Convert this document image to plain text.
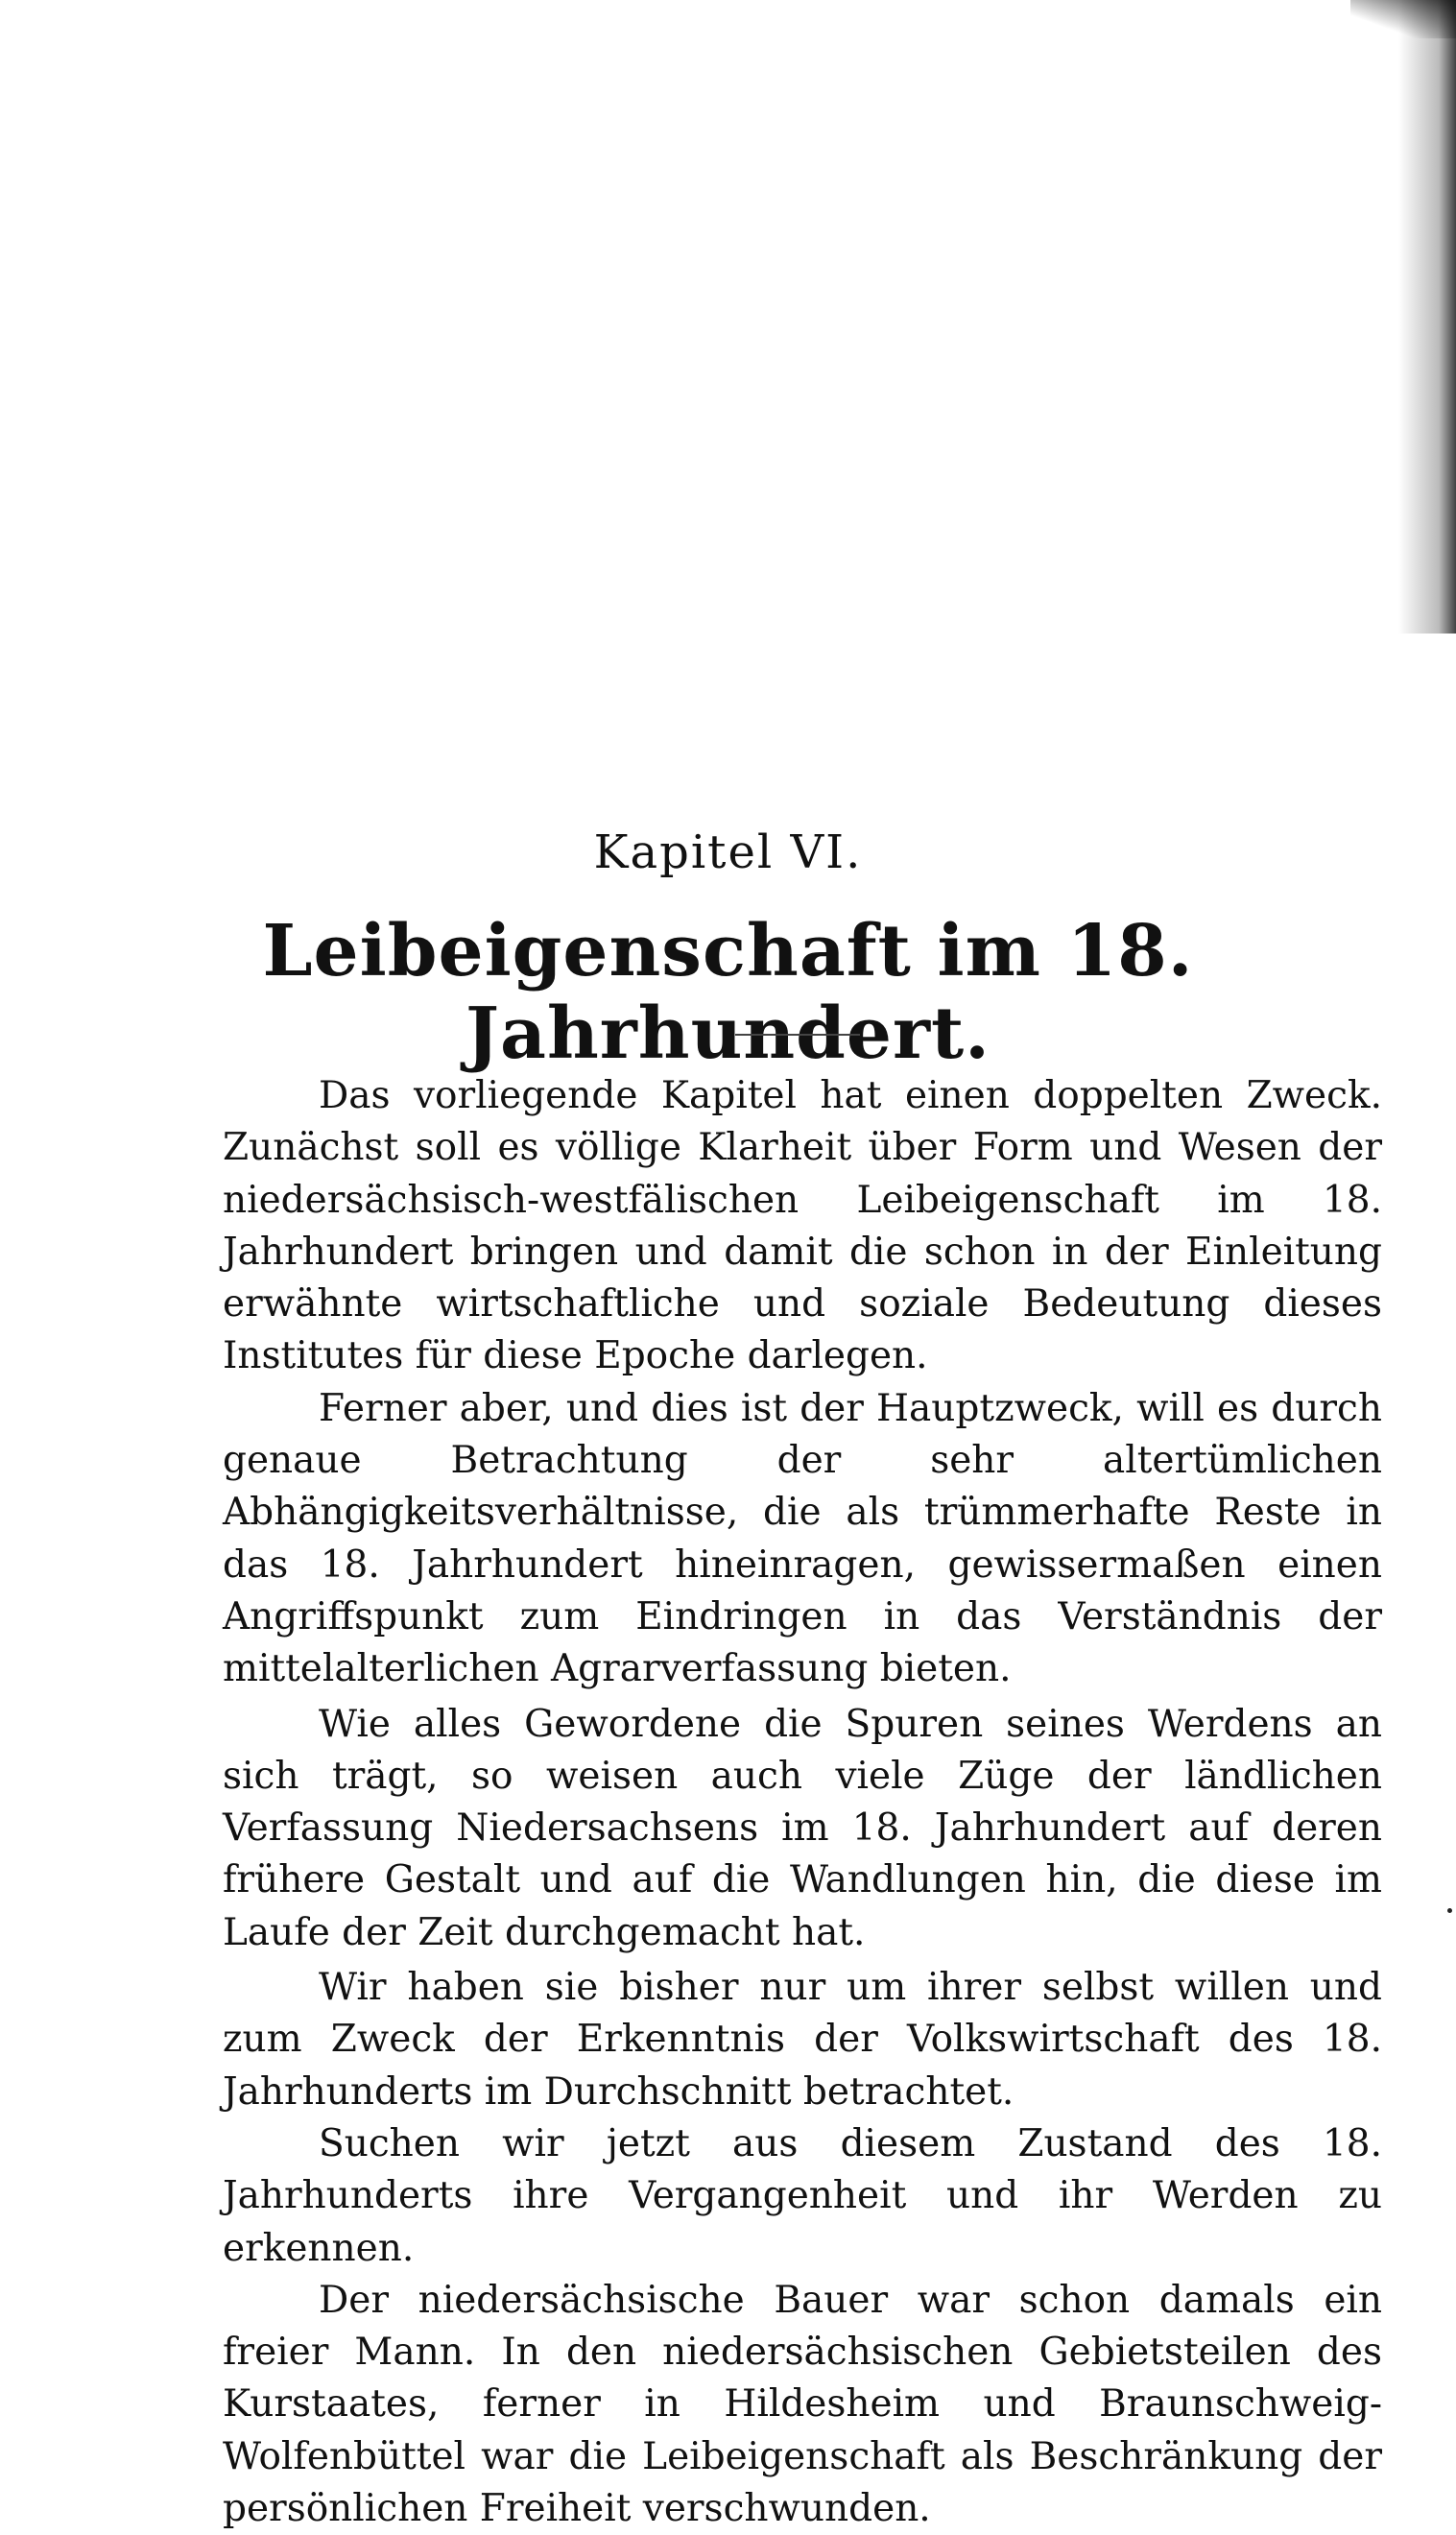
Kapitel VI.
Leibeigenschaft im 18. Jahrhundert.

Das vorliegende Kapitel hat einen doppelten Zweck. Zunächst soll es völlige Klarheit über Form und Wesen der niedersächsisch-westfälischen Leibeigenschaft im 18. Jahrhundert bringen und damit die schon in der Einleitung erwähnte wirtschaftliche und soziale Bedeutung dieses Institutes für diese Epoche darlegen.

Ferner aber, und dies ist der Hauptzweck, will es durch genaue Betrachtung der sehr altertümlichen Abhängigkeitsverhältnisse, die als trümmerhafte Reste in das 18. Jahrhundert hineinragen, gewissermaßen einen Angriffspunkt zum Eindringen in das Verständnis der mittelalterlichen Agrarverfassung bieten.

Wie alles Gewordene die Spuren seines Werdens an sich trägt, so weisen auch viele Züge der ländlichen Verfassung Niedersachsens im 18. Jahrhundert auf deren frühere Gestalt und auf die Wandlungen hin, die diese im Laufe der Zeit durchgemacht hat.

Wir haben sie bisher nur um ihrer selbst willen und zum Zweck der Erkenntnis der Volkswirtschaft des 18. Jahrhunderts im Durchschnitt betrachtet.

Suchen wir jetzt aus diesem Zustand des 18. Jahrhunderts ihre Vergangenheit und ihr Werden zu erkennen.

Der niedersächsische Bauer war schon damals ein freier Mann. In den niedersächsischen Gebietsteilen des Kurstaates, ferner in Hildesheim und Braunschweig-Wolfenbüttel war die Leibeigenschaft als Beschränkung der persönlichen Freiheit verschwunden.
